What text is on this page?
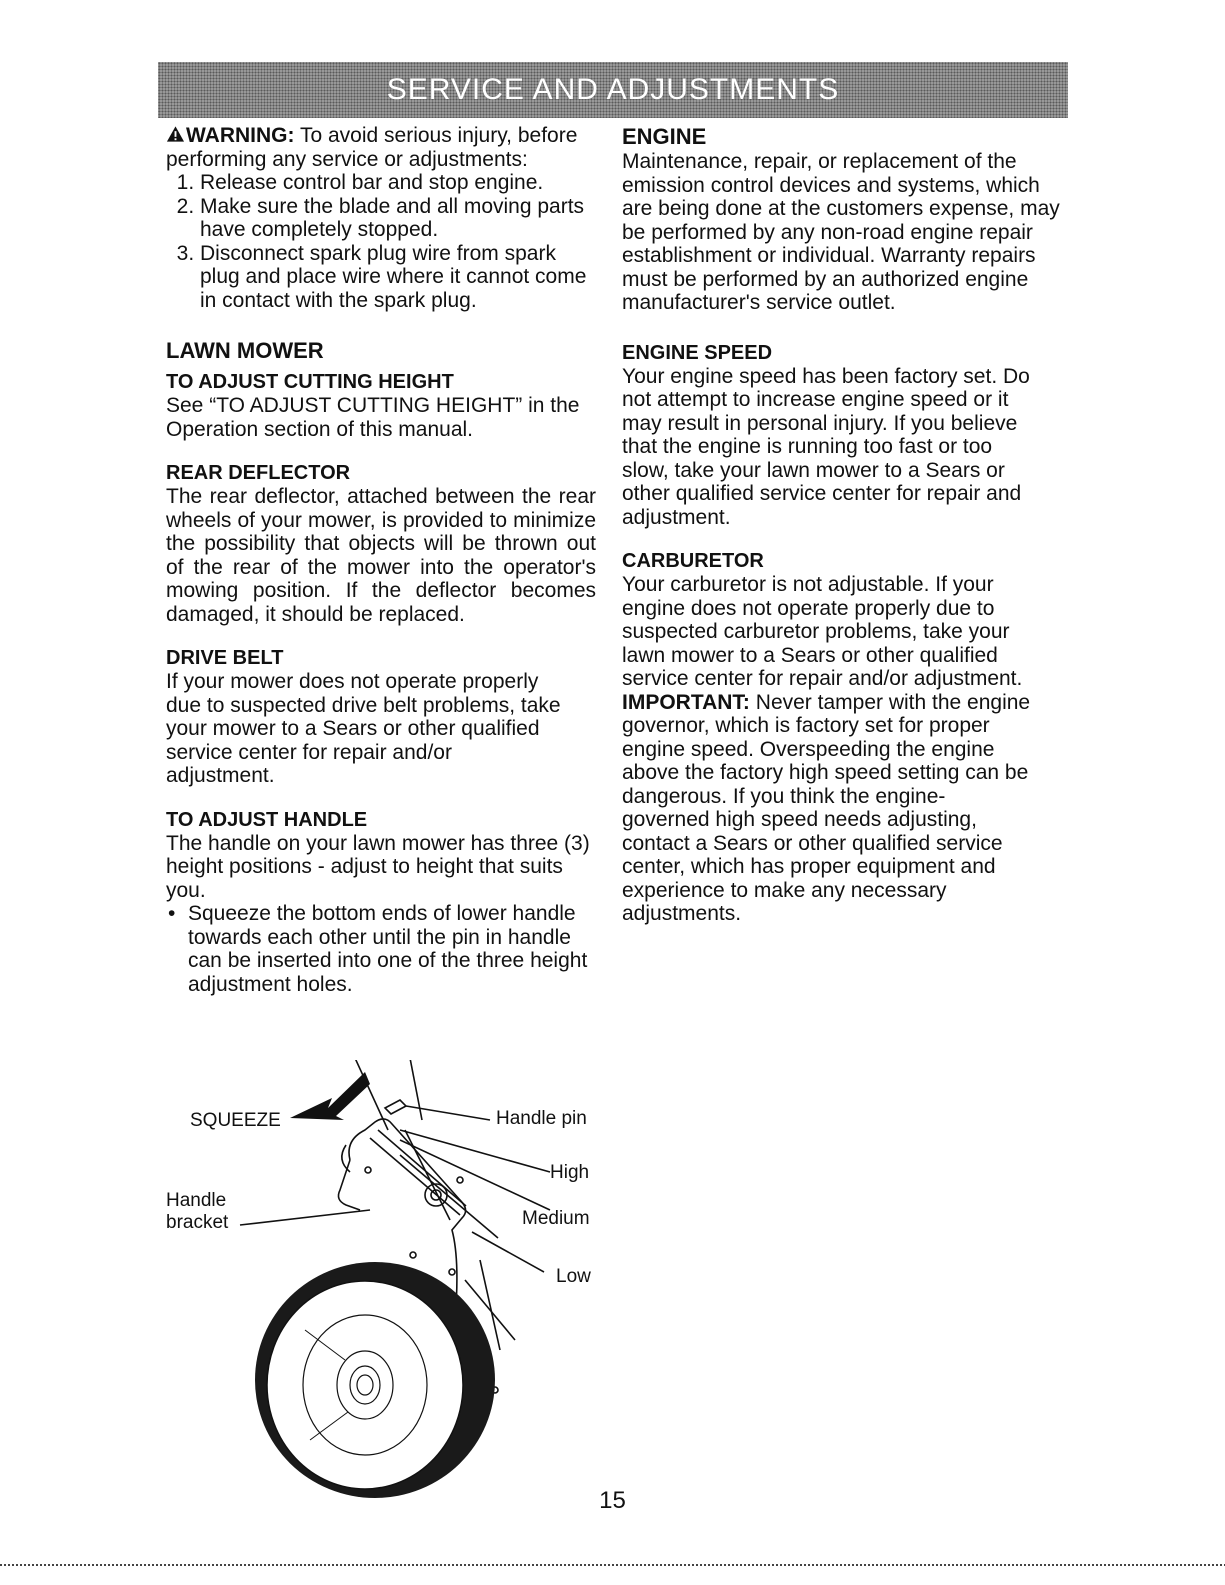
SERVICE AND ADJUSTMENTS

WARNING: To avoid serious injury, before

performing any service or adjustments:

1. Release control bar and stop engine.
2. Make sure the blade and all moving parts have completely stopped.
3. Disconnect spark plug wire from spark plug and place wire where it cannot come in contact with the spark plug.

LAWN MOWER

TO ADJUST CUTTING HEIGHT

See “TO ADJUST CUTTING HEIGHT” in the Operation section of this manual.

REAR DEFLECTOR

The rear deflector, attached between the rear wheels of your mower, is provided to minimize the possibility that objects will be thrown out of the rear of the mower into the operator's mowing position. If the deflector becomes damaged, it should be replaced.

DRIVE BELT

If your mower does not operate properly due to suspected drive belt problems, take your mower to a Sears or other qualified service center for repair and/or adjustment.

TO ADJUST HANDLE

The handle on your lawn mower has three (3) height positions - adjust to height that suits you.

• Squeeze the bottom ends of lower handle towards each other until the pin in handle can be inserted into one of the three height adjustment holes.

ENGINE

Maintenance, repair, or replacement of the emission control devices and systems, which are being done at the customers expense, may be performed by any non-road engine repair establishment or individual. Warranty repairs must be performed by an authorized engine manufacturer's service outlet.

ENGINE SPEED

Your engine speed has been factory set. Do not attempt to increase engine speed or it may result in personal injury. If you believe that the engine is running too fast or too slow, take your lawn mower to a Sears or other qualified service center for repair and adjustment.

CARBURETOR

Your carburetor is not adjustable. If your engine does not operate properly due to suspected carburetor problems, take your lawn mower to a Sears or other qualified service center for repair and/or adjustment.

IMPORTANT: Never tamper with the engine governor, which is factory set for proper engine speed. Overspeeding the engine above the factory high speed setting can be dangerous. If you think the engine-governed high speed needs adjusting, contact a Sears or other qualified service center, which has proper equipment and experience to make any necessary adjustments.

SQUEEZE	Handle pin
High
Handle
bracket	Medium
Low
15
